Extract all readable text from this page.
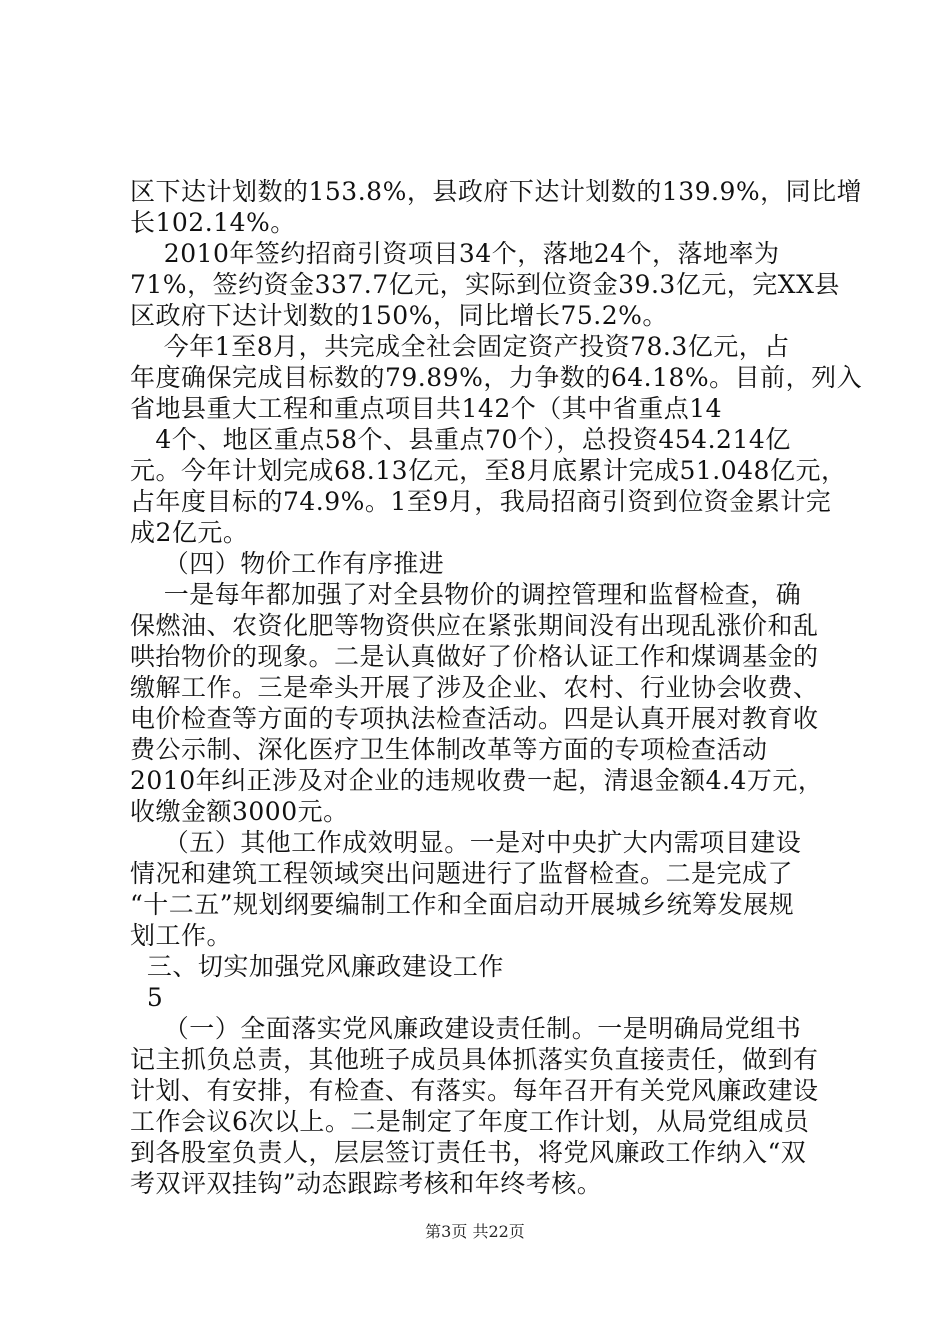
区下达计划数的153.8%，县政府下达计划数的139.9%，同比增
长102.14%。
2010年签约招商引资项目34个，落地24个，落地率为
71%，签约资金337.7亿元，实际到位资金39.3亿元，完XX县
区政府下达计划数的150%，同比增长75.2%。
今年1至8月，共完成全社会固定资产投资78.3亿元，占
年度确保完成目标数的79.89%，力争数的64.18%。目前，列入
省地县重大工程和重点项目共142个（其中省重点14
4个、地区重点58个、县重点70个），总投资454.214亿
元。今年计划完成68.13亿元，至8月底累计完成51.048亿元，
占年度目标的74.9%。1至9月，我局招商引资到位资金累计完
成2亿元。
（四）物价工作有序推进
一是每年都加强了对全县物价的调控管理和监督检查，确
保燃油、农资化肥等物资供应在紧张期间没有出现乱涨价和乱
哄抬物价的现象。二是认真做好了价格认证工作和煤调基金的
缴解工作。三是牵头开展了涉及企业、农村、行业协会收费、
电价检查等方面的专项执法检查活动。四是认真开展对教育收
费公示制、深化医疗卫生体制改革等方面的专项检查活动
2010年纠正涉及对企业的违规收费一起，清退金额4.4万元，
收缴金额3000元。
（五）其他工作成效明显。一是对中央扩大内需项目建设
情况和建筑工程领域突出问题进行了监督检查。二是完成了
“十二五”规划纲要编制工作和全面启动开展城乡统筹发展规
划工作。
三、切实加强党风廉政建设工作
5
（一）全面落实党风廉政建设责任制。一是明确局党组书
记主抓负总责，其他班子成员具体抓落实负直接责任，做到有
计划、有安排，有检查、有落实。每年召开有关党风廉政建设
工作会议6次以上。二是制定了年度工作计划，从局党组成员
到各股室负责人，层层签订责任书，将党风廉政工作纳入“双
考双评双挂钩”动态跟踪考核和年终考核。
第3页 共22页
